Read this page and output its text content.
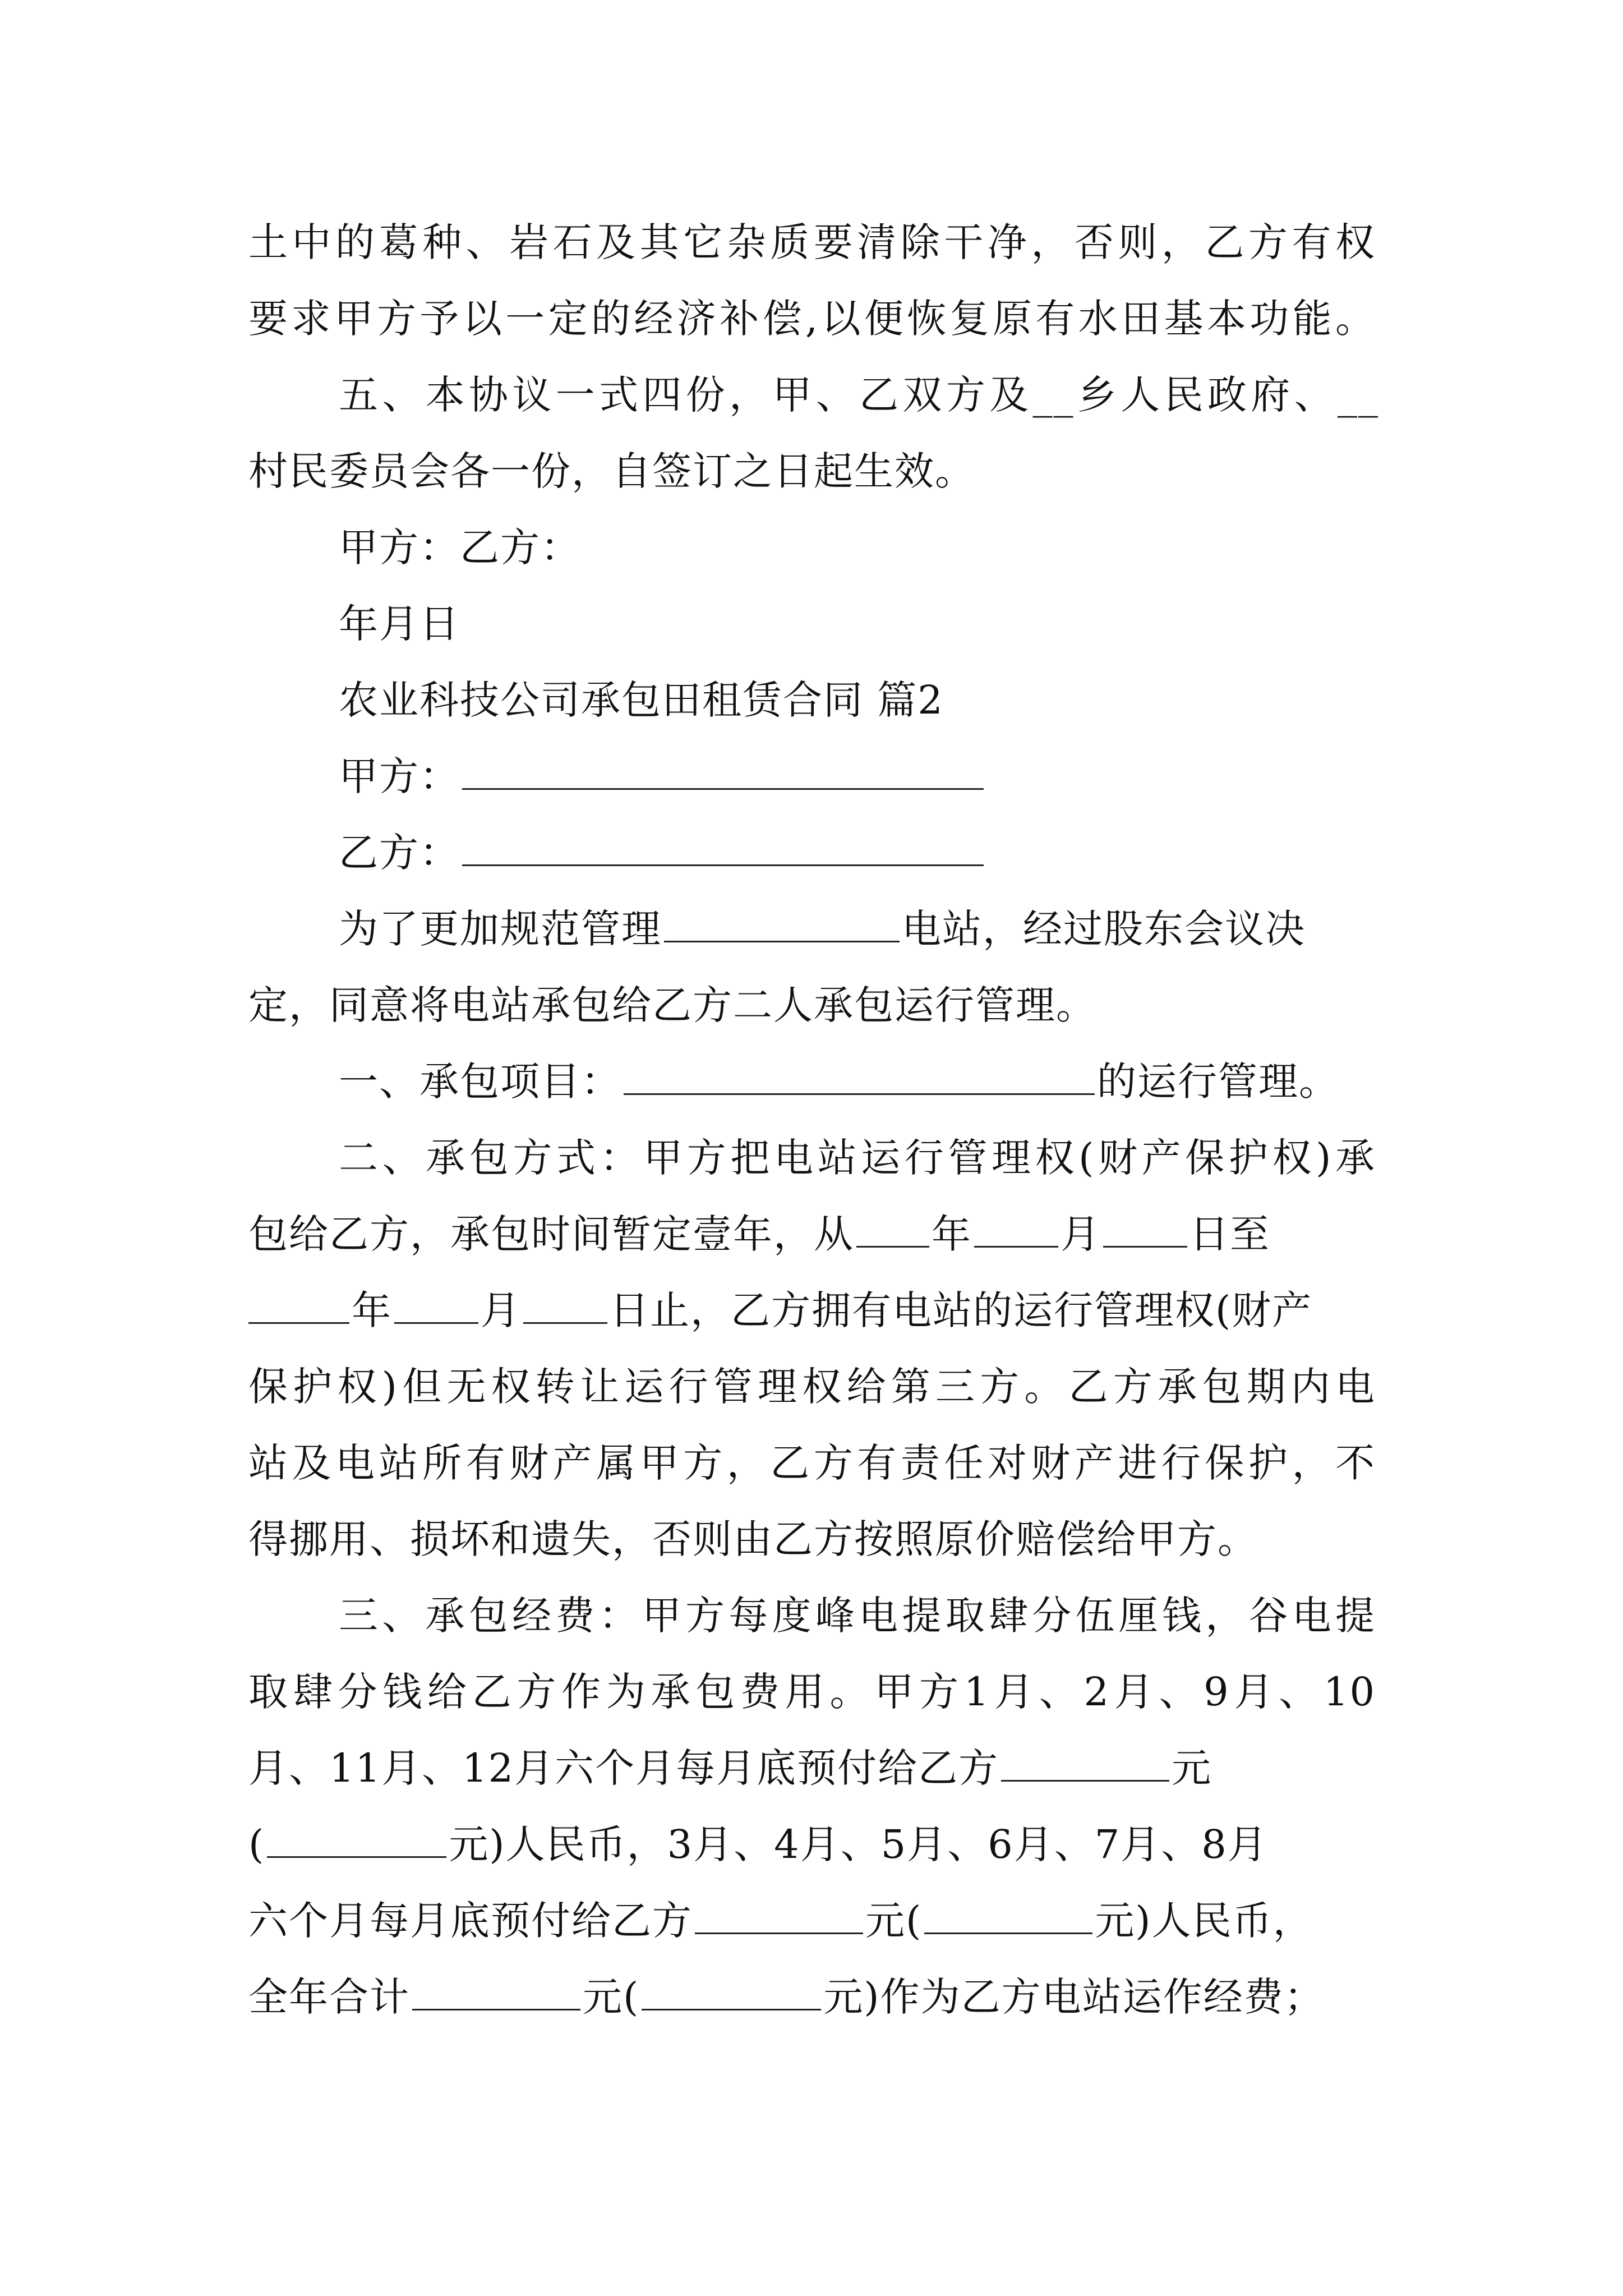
土中的葛种、岩石及其它杂质要清除干净，否则，乙方有权
要求甲方予以一定的经济补偿,以便恢复原有水田基本功能。
五、本协议一式四份，甲、乙双方及__乡人民政府、__
村民委员会各一份，自签订之日起生效。
甲方：乙方：
年月日
农业科技公司承包田租赁合同 篇2
甲方：
乙方：
为了更加规范管理	电站，经过股东会议决
定，同意将电站承包给乙方二人承包运行管理。
一、承包项目：	的运行管理。
二、承包方式：甲方把电站运行管理权(财产保护权)承
包给乙方，承包时间暂定壹年，从 年 月 日至
年 月 日止，乙方拥有电站的运行管理权(财产
保护权)但无权转让运行管理权给第三方。乙方承包期内电
站及电站所有财产属甲方，乙方有责任对财产进行保护，不
得挪用、损坏和遗失，否则由乙方按照原价赔偿给甲方。
三、承包经费：甲方每度峰电提取肆分伍厘钱，谷电提
取肆分钱给乙方作为承包费用。甲方1月、2月、9月、10
月、11月、12月六个月每月底预付给乙方	元
(	元)人民币，3月、4月、5月、6月、7月、8月
六个月每月底预付给乙方	元(	元)人民币，
全年合计	元(	元)作为乙方电站运作经费；
